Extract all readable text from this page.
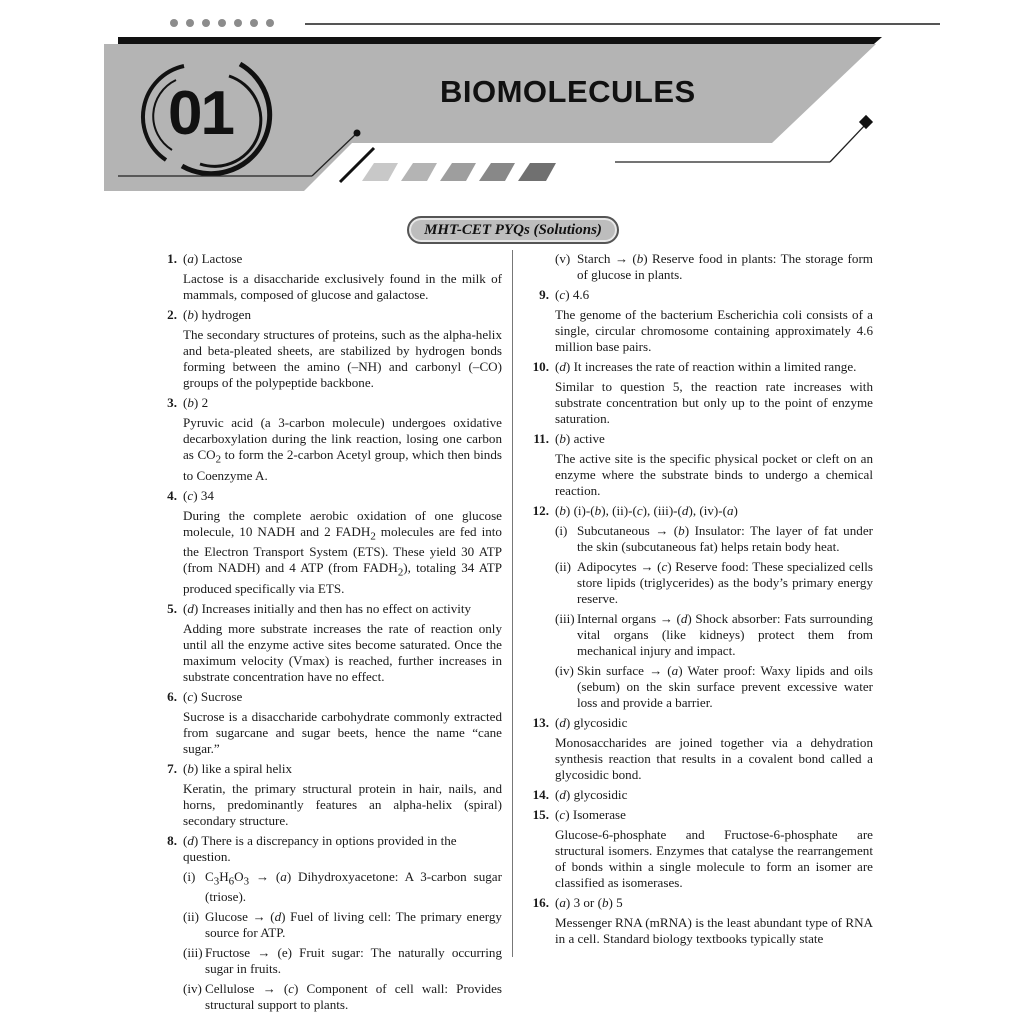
01	BIOMOLECULES
MHT-CET PYQs (Solutions)
1. (a) Lactose
Lactose is a disaccharide exclusively found in the milk of mammals, composed of glucose and galactose.
2. (b) hydrogen
The secondary structures of proteins, such as the alpha-helix and beta-pleated sheets, are stabilized by hydrogen bonds forming between the amino (–NH) and carbonyl (–CO) groups of the polypeptide backbone.
3. (b) 2
Pyruvic acid (a 3-carbon molecule) undergoes oxidative decarboxylation during the link reaction, losing one carbon as $CO_2$ to form the 2-carbon Acetyl group, which then binds to Coenzyme A.
4. (c) 34
During the complete aerobic oxidation of one glucose molecule, 10 NADH and 2 $FADH_2$ molecules are fed into the Electron Transport System (ETS). These yield 30 ATP (from NADH) and 4 ATP (from $FADH_2$), totaling 34 ATP produced specifically via ETS.
5. (d) Increases initially and then has no effect on activity
Adding more substrate increases the rate of reaction only until all the enzyme active sites become saturated. Once the maximum velocity (Vmax) is reached, further increases in substrate concentration have no effect.
6. (c) Sucrose
Sucrose is a disaccharide carbohydrate commonly extracted from sugarcane and sugar beets, hence the name “cane sugar.”
7. (b) like a spiral helix
Keratin, the primary structural protein in hair, nails, and horns, predominantly features an alpha-helix (spiral) secondary structure.
8. (d) There is a discrepancy in options provided in the question.
(i) $C_3H_6O_3 \to (a)$ Dihydroxyacetone: A 3-carbon sugar (triose).
(ii) Glucose → (d) Fuel of living cell: The primary energy source for ATP.
(iii) Fructose → (e) Fruit sugar: The naturally occurring sugar in fruits.
(iv) Cellulose → (c) Component of cell wall: Provides structural support to plants.
(v) Starch → (b) Reserve food in plants: The storage form of glucose in plants.
9. (c) 4.6
The genome of the bacterium Escherichia coli consists of a single, circular chromosome containing approximately 4.6 million base pairs.
10. (d) It increases the rate of reaction within a limited range.
Similar to question 5, the reaction rate increases with substrate concentration but only up to the point of enzyme saturation.
11. (b) active
The active site is the specific physical pocket or cleft on an enzyme where the substrate binds to undergo a chemical reaction.
12. (b) (i)-(b), (ii)-(c), (iii)-(d), (iv)-(a)
(i) Subcutaneous → (b) Insulator: The layer of fat under the skin (subcutaneous fat) helps retain body heat.
(ii) Adipocytes → (c) Reserve food: These specialized cells store lipids (triglycerides) as the body’s primary energy reserve.
(iii) Internal organs → (d) Shock absorber: Fats surrounding vital organs (like kidneys) protect them from mechanical injury and impact.
(iv) Skin surface → (a) Water proof: Waxy lipids and oils (sebum) on the skin surface prevent excessive water loss and provide a barrier.
13. (d) glycosidic
Monosaccharides are joined together via a dehydration synthesis reaction that results in a covalent bond called a glycosidic bond.
14. (d) glycosidic
15. (c) Isomerase
Glucose-6-phosphate and Fructose-6-phosphate are structural isomers. Enzymes that catalyse the rearrangement of bonds within a single molecule to form an isomer are classified as isomerases.
16. (a) 3 or (b) 5
Messenger RNA (mRNA) is the least abundant type of RNA in a cell. Standard biology textbooks typically state
